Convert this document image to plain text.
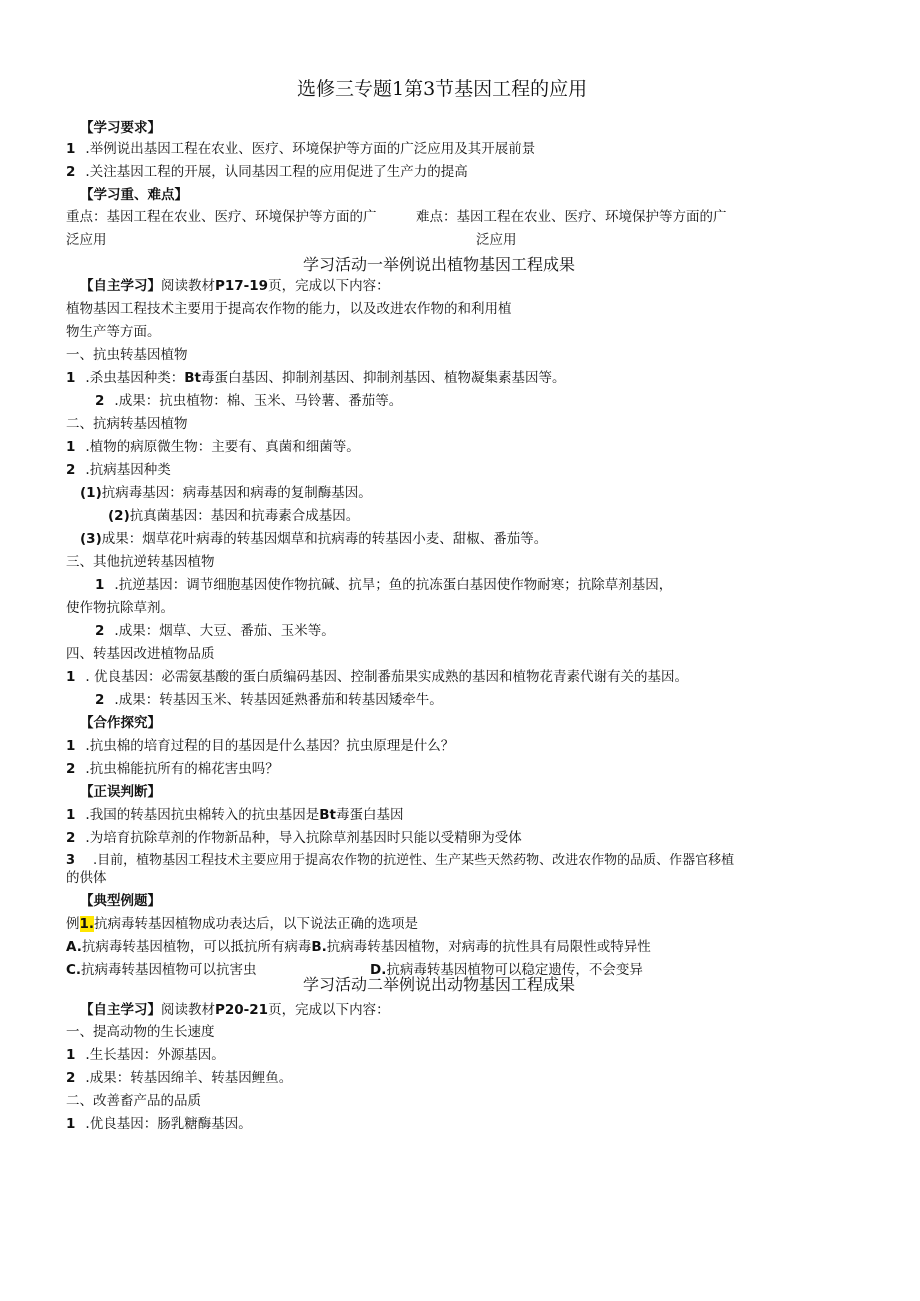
选修三专题1第3节基因工程的应用
【学习要求】
1 .举例说出基因工程在农业、医疗、环境保护等方面的广泛应用及其开展前景
2 .关注基因工程的开展，认同基因工程的应用促进了生产力的提高
【学习重、难点】
重点：基因工程在农业、医疗、环境保护等方面的广	难点：基因工程在农业、医疗、环境保护等方面的广
泛应用	泛应用
学习活动一举例说出植物基因工程成果
【自主学习】阅读教材P17-19页，完成以下内容：
植物基因工程技术主要用于提高农作物的能力，以及改进农作物的和利用植
物生产等方面。
一、抗虫转基因植物
1 .杀虫基因种类：Bt毒蛋白基因、抑制剂基因、抑制剂基因、植物凝集素基因等。
2 .成果：抗虫植物：棉、玉米、马铃薯、番茄等。
二、抗病转基因植物
1 .植物的病原微生物：主要有、真菌和细菌等。
2 .抗病基因种类
(1)抗病毒基因：病毒基因和病毒的复制酶基因。
(2)抗真菌基因：基因和抗毒素合成基因。
(3)成果：烟草花叶病毒的转基因烟草和抗病毒的转基因小麦、甜椒、番茄等。
三、其他抗逆转基因植物
1 .抗逆基因：调节细胞基因使作物抗碱、抗旱；鱼的抗冻蛋白基因使作物耐寒；抗除草剂基因，
使作物抗除草剂。
2 .成果：烟草、大豆、番茄、玉米等。
四、转基因改进植物品质
1 . 优良基因：必需氨基酸的蛋白质编码基因、控制番茄果实成熟的基因和植物花青素代谢有关的基因。
2 .成果：转基因玉米、转基因延熟番茄和转基因矮牵牛。
【合作探究】
1 .抗虫棉的培育过程的目的基因是什么基因？抗虫原理是什么？
2 .抗虫棉能抗所有的棉花害虫吗？
【正误判断】
1 .我国的转基因抗虫棉转入的抗虫基因是Bt毒蛋白基因
2 .为培育抗除草剂的作物新品种，导入抗除草剂基因时只能以受精卵为受体
3 .目前，植物基因工程技术主要应用于提高农作物的抗逆性、生产某些天然药物、改进农作物的品质、作器官移植
的供体
【典型例题】
例1.抗病毒转基因植物成功表达后，以下说法正确的选项是
A.抗病毒转基因植物，可以抵抗所有病毒B.抗病毒转基因植物，对病毒的抗性具有局限性或特异性
C.抗病毒转基因植物可以抗害虫	D.抗病毒转基因植物可以稳定遗传，不会变异
学习活动二举例说出动物基因工程成果
【自主学习】阅读教材P20-21页，完成以下内容：
一、提高动物的生长速度
1 .生长基因：外源基因。
2 .成果：转基因绵羊、转基因鲤鱼。
二、改善畜产品的品质
1 .优良基因：肠乳糖酶基因。
